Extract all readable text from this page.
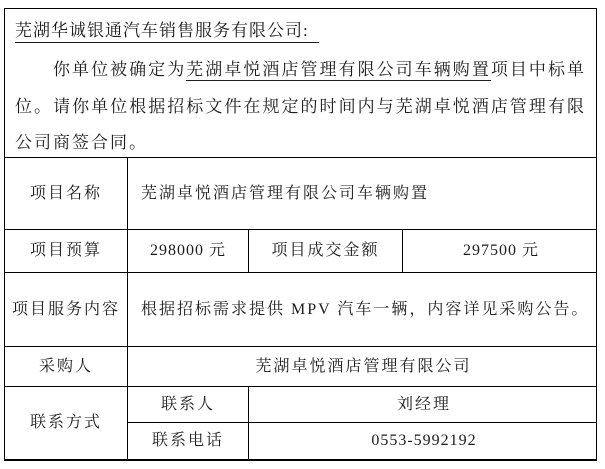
芜湖华诚银通汽车销售服务有限公司:

你单位被确定为芜湖卓悦酒店管理有限公司车辆购置项目中标单位。请你单位根据招标文件在规定的时间内与芜湖卓悦酒店管理有限公司商签合同。

项目名称	芜湖卓悦酒店管理有限公司车辆购置		
项目预算	298000 元	项目成交金额	297500 元
项目服务内容	根据招标需求提供 MPV 汽车一辆，内容详见采购公告。		
采购人	芜湖卓悦酒店管理有限公司		
联系方式	联系人	刘经理	
	联系电话	0553-5992192	
